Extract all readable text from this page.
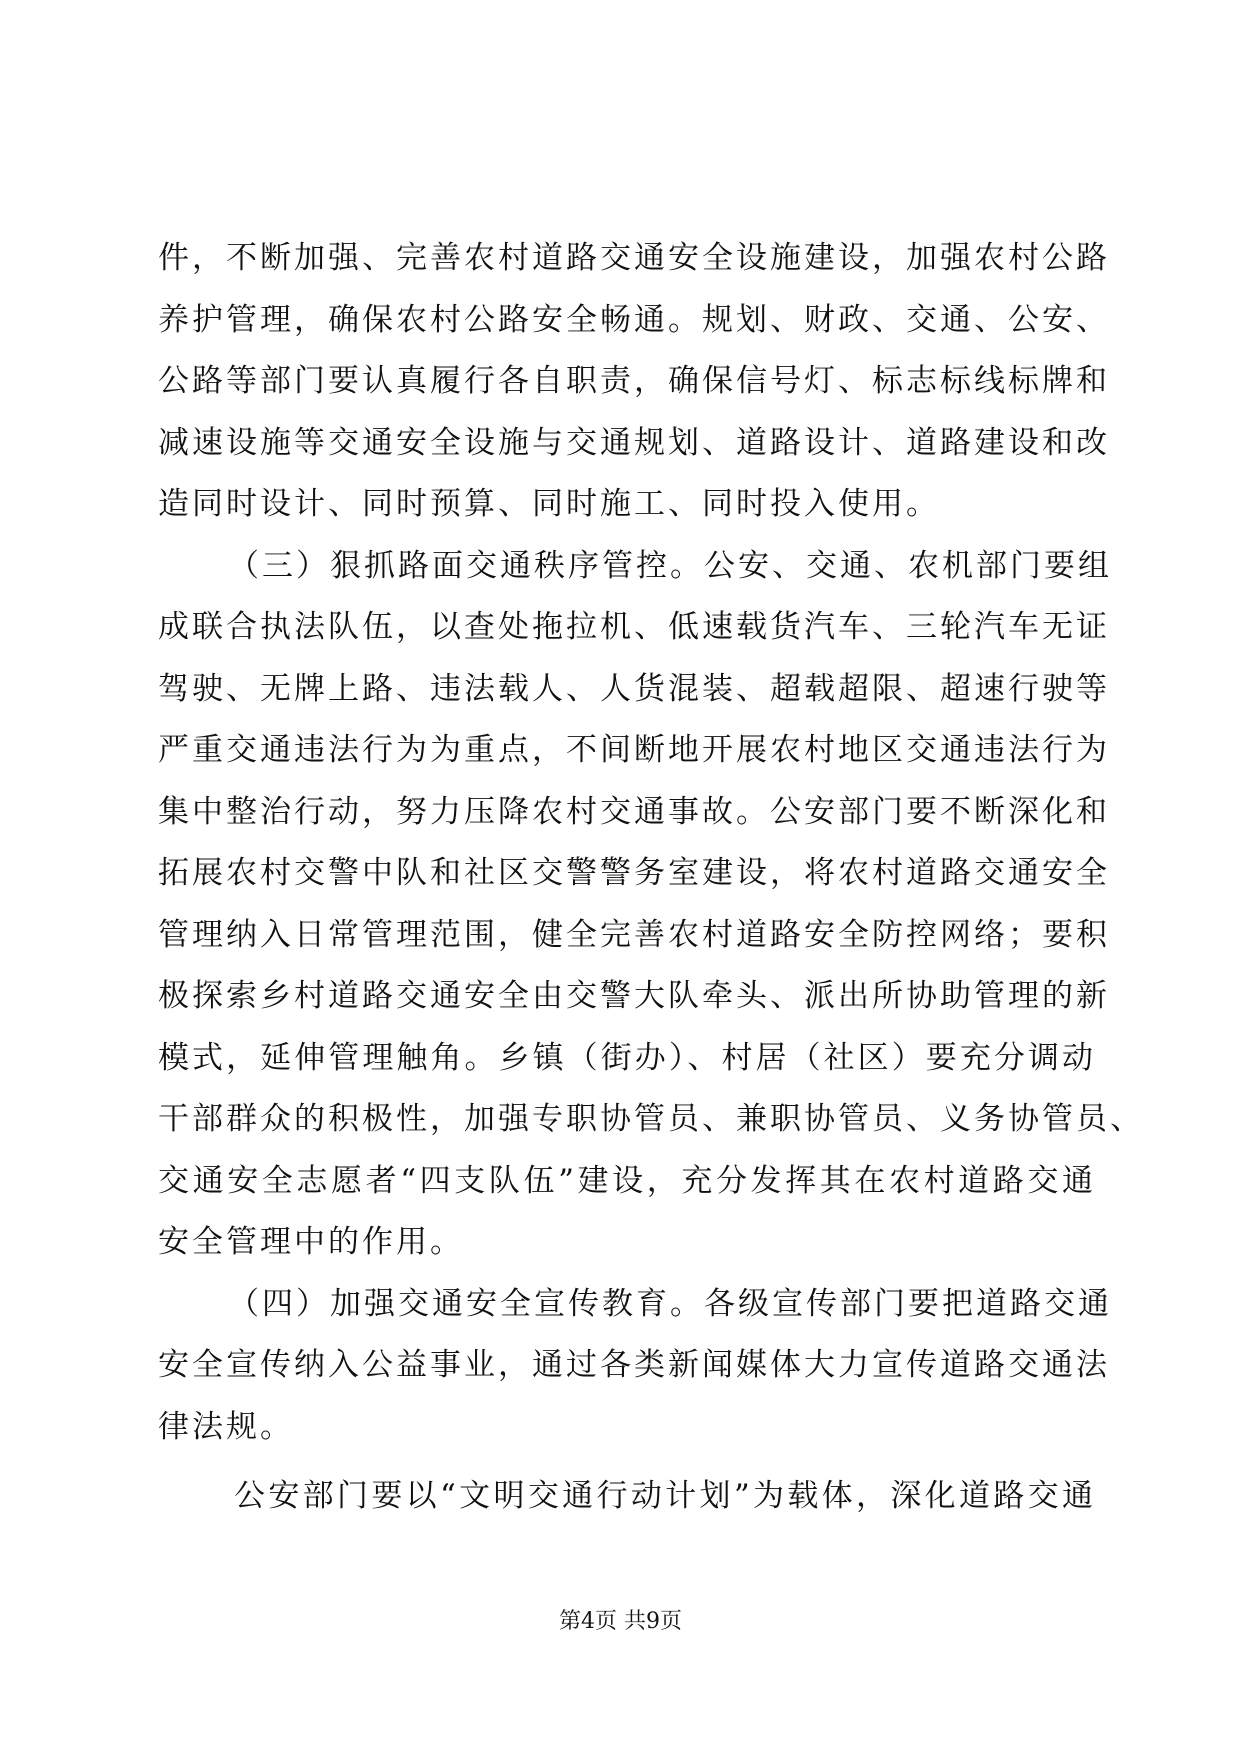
件，不断加强、完善农村道路交通安全设施建设，加强农村公路
养护管理，确保农村公路安全畅通。规划、财政、交通、公安、
公路等部门要认真履行各自职责，确保信号灯、标志标线标牌和
减速设施等交通安全设施与交通规划、道路设计、道路建设和改
造同时设计、同时预算、同时施工、同时投入使用。
（三）狠抓路面交通秩序管控。公安、交通、农机部门要组
成联合执法队伍，以查处拖拉机、低速载货汽车、三轮汽车无证
驾驶、无牌上路、违法载人、人货混装、超载超限、超速行驶等
严重交通违法行为为重点，不间断地开展农村地区交通违法行为
集中整治行动，努力压降农村交通事故。公安部门要不断深化和
拓展农村交警中队和社区交警警务室建设，将农村道路交通安全
管理纳入日常管理范围，健全完善农村道路安全防控网络；要积
极探索乡村道路交通安全由交警大队牵头、派出所协助管理的新
模式，延伸管理触角。乡镇（街办）、村居（社区）要充分调动
干部群众的积极性，加强专职协管员、兼职协管员、义务协管员、
交通安全志愿者“四支队伍”建设，充分发挥其在农村道路交通
安全管理中的作用。
（四）加强交通安全宣传教育。各级宣传部门要把道路交通
安全宣传纳入公益事业，通过各类新闻媒体大力宣传道路交通法
律法规。
公安部门要以“文明交通行动计划”为载体，深化道路交通
第4页 共9页
